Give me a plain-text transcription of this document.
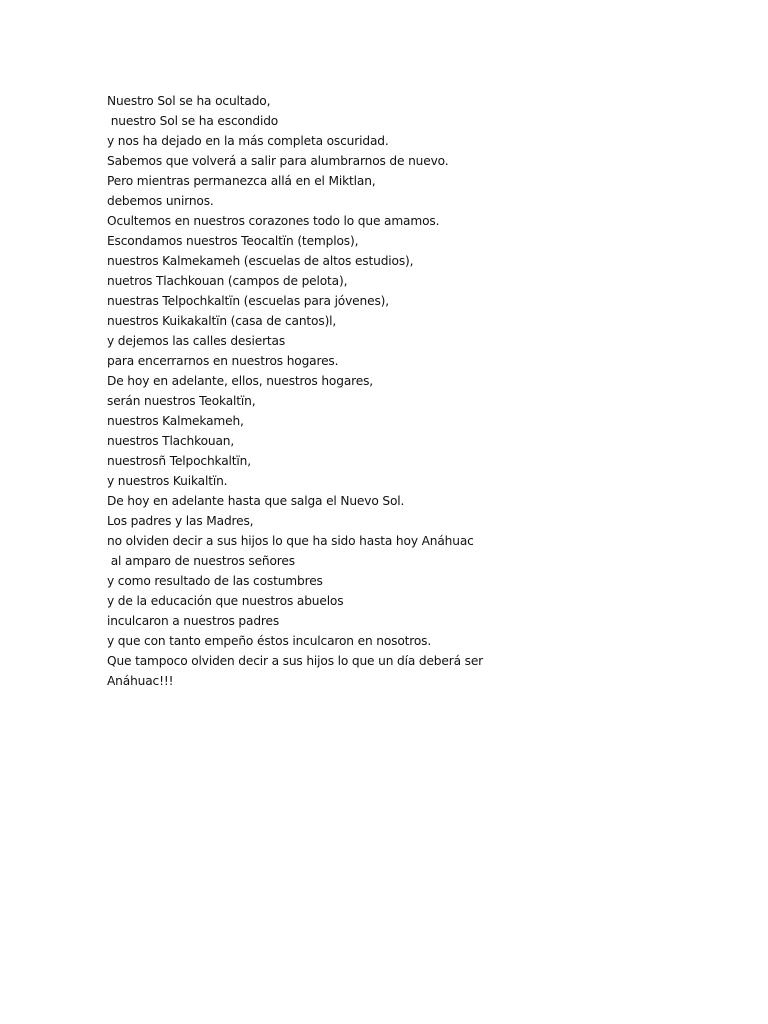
Nuestro Sol se ha ocultado,
nuestro Sol se ha escondido
y nos ha dejado en la más completa oscuridad.
Sabemos que volverá a salir para alumbrarnos de nuevo.
Pero mientras permanezca allá en el Miktlan,
debemos unirnos.
Ocultemos en nuestros corazones todo lo que amamos.
Escondamos nuestros Teocaltïn (templos),
nuestros Kalmekameh (escuelas de altos estudios),
nuetros Tlachkouan (campos de pelota),
nuestras Telpochkaltïn (escuelas para jóvenes),
nuestros Kuikakaltïn (casa de cantos)l,
y dejemos las calles desiertas
para encerrarnos en nuestros hogares.
De hoy en adelante, ellos, nuestros hogares,
serán nuestros Teokaltïn,
nuestros Kalmekameh,
nuestros Tlachkouan,
nuestrosñ Telpochkaltïn,
y nuestros Kuikaltïn.
De hoy en adelante hasta que salga el Nuevo Sol.
Los padres y las Madres,
no olviden decir a sus hijos lo que ha sido hasta hoy Anáhuac
al amparo de nuestros señores
y como resultado de las costumbres
y de la educación que nuestros abuelos
inculcaron a nuestros padres
y que con tanto empeño éstos inculcaron en nosotros.
Que tampoco olviden decir a sus hijos lo que un día deberá ser
Anáhuac!!!
